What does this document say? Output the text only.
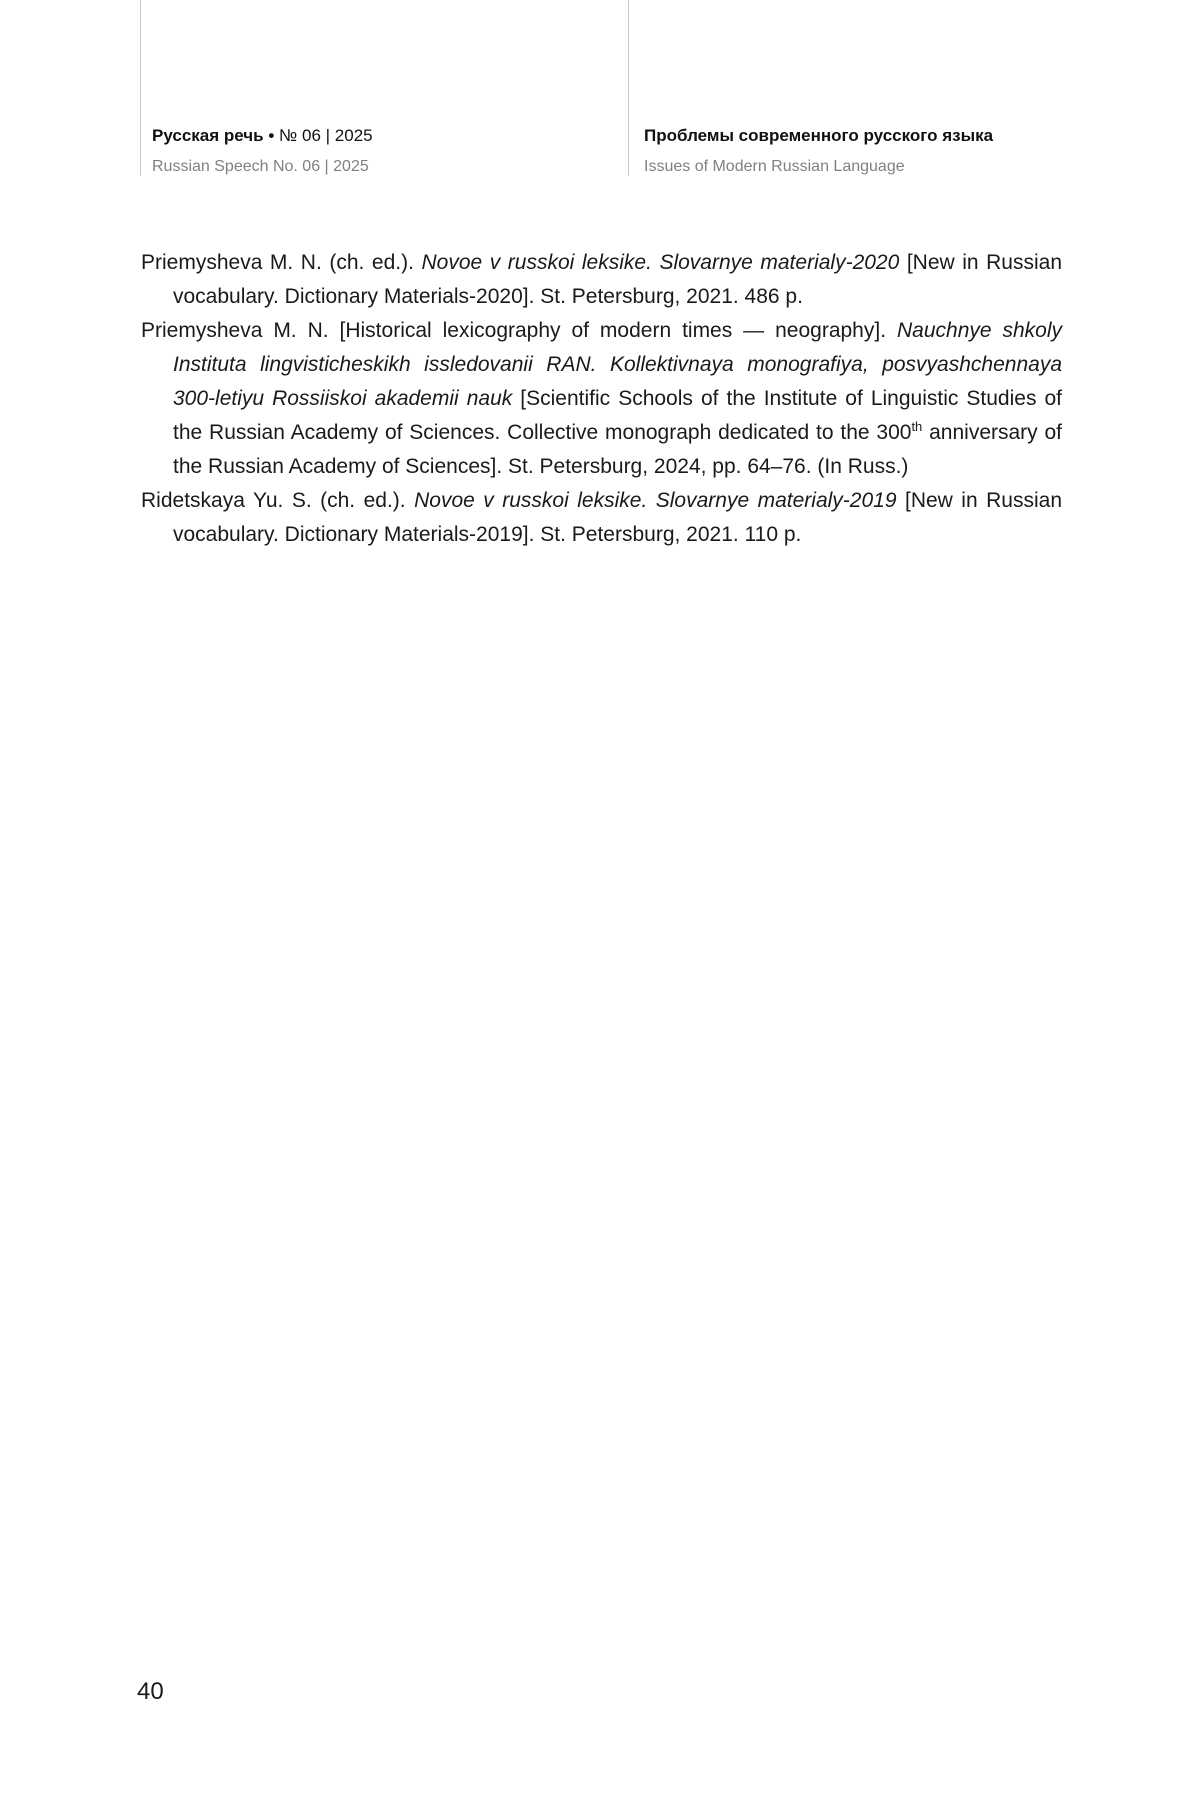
Русская речь • № 06 | 2025
Russian Speech No. 06 | 2025
Проблемы современного русского языка
Issues of Modern Russian Language

Priemysheva M. N. (ch. ed.). Novoe v russkoi leksike. Slovarnye materialy-2020 [New in Russian vocabulary. Dictionary Materials-2020]. St. Petersburg, 2021. 486 p.

Priemysheva M. N. [Historical lexicography of modern times — neography]. Nauchnye shkoly Instituta lingvisticheskikh issledovanii RAN. Kollektivnaya monografiya, posvyashchennaya 300-letiyu Rossiiskoi akademii nauk [Scientific Schools of the Institute of Linguistic Studies of the Russian Academy of Sciences. Collective monograph dedicated to the 300th anniversary of the Russian Academy of Sciences]. St. Petersburg, 2024, pp. 64–76. (In Russ.)

Ridetskaya Yu. S. (ch. ed.). Novoe v russkoi leksike. Slovarnye materialy-2019 [New in Russian vocabulary. Dictionary Materials-2019]. St. Petersburg, 2021. 110 p.

40
